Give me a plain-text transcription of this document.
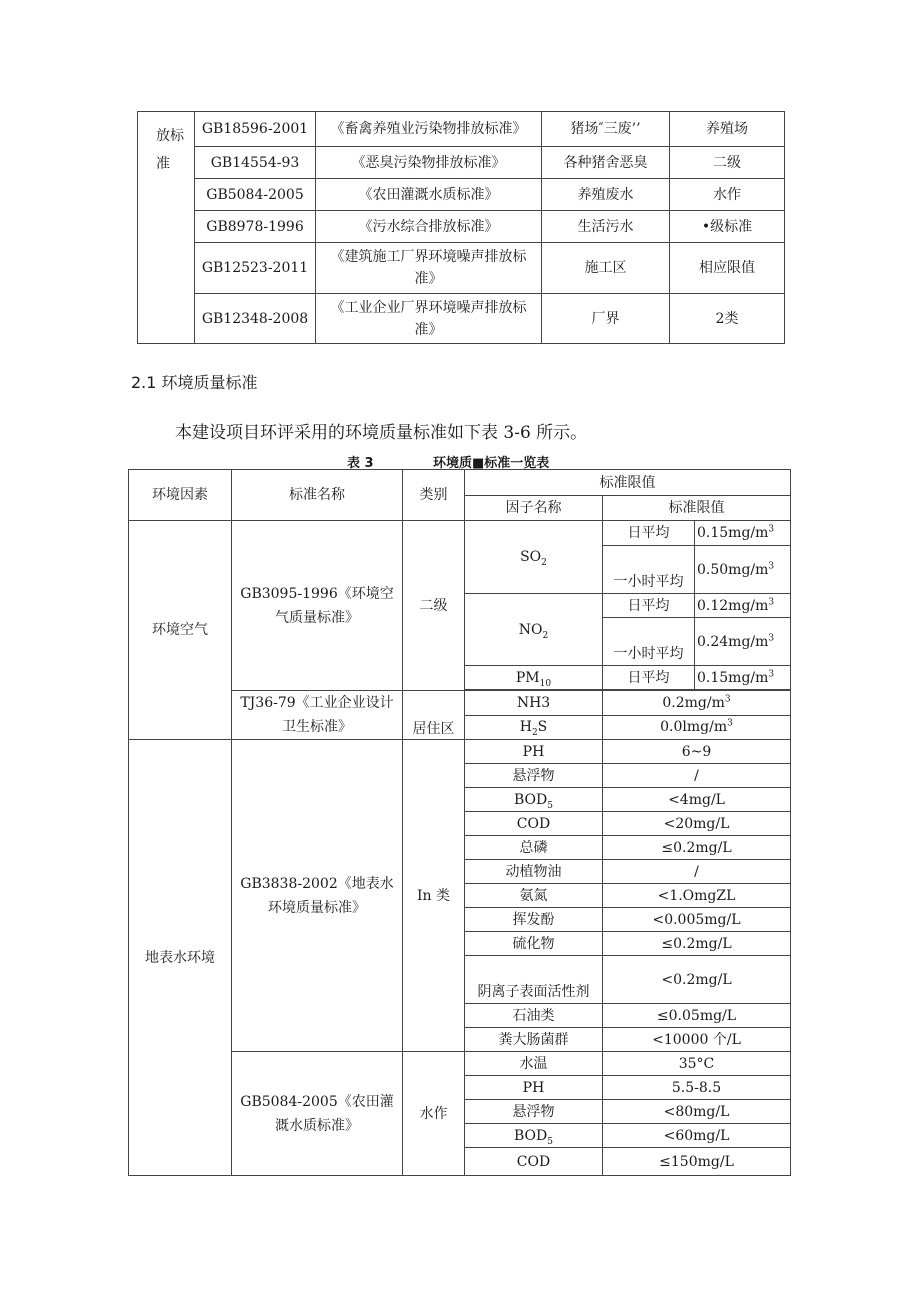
放标准	GB18596-2001	《畜禽养殖业污染物排放标准》	猪场″三废’’	养殖场
	GB14554-93	《恶臭污染物排放标准》	各种猪舍恶臭	二级
	GB5084-2005	《农田灌溉水质标准》	养殖废水	水作
	GB8978-1996	《污水综合排放标准》	生活污水	•级标准
	GB12523-2011	《建筑施工厂界环境噪声排放标准》	施工区	相应限值
	GB12348-2008	《工业企业厂界环境噪声排放标准》	厂界	2类
2.1 环境质量标准
本建设项目环评采用的环境质量标准如下表 3-6 所示。
表 3	环境质■标准一览表
环境因素	标准名称	类别	标准限值		
			因子名称	标准限值	
环境空气	GB3095-1996《环境空气质量标准》	二级	$SO_2$	日平均	$0.15mg/m^3$
				一小时平均	$0.50mg/m^3$
			$NO_2$	日平均	$0.12mg/m^3$
				一小时平均	$0.24mg/m^3$
			$PM_{10}$	日平均	$0.15mg/m^3$

	TJ36-79《工业企业设计卫生标准》	居住区	NH3	$0.2mg/m^3$
			$H_2S$	$0.0lmg/m^3$
地表水环境	GB3838-2002《地表水环境质量标准》	In 类	PH	6~9	
			悬浮物	/	
			$BOD_5$	<4mg/L	
			COD	<20mg/L	
			总磷	≤0.2mg/L	
			动植物油	/	
			氨氮	<1.OmgZL	
			挥发酚	<0.005mg/L	
			硫化物	≤0.2mg/L	
			阴离子表面活性剂	<0.2mg/L	
			石油类	≤0.05mg/L	
			粪大肠菌群	<10000 个/L	
	GB5084-2005《农田灌溉水质标准》	水作	水温	35°C	
			PH	5.5-8.5	
			悬浮物	<80mg/L	
			$BOD_5$	<60mg/L	
			COD	≤150mg/L	
